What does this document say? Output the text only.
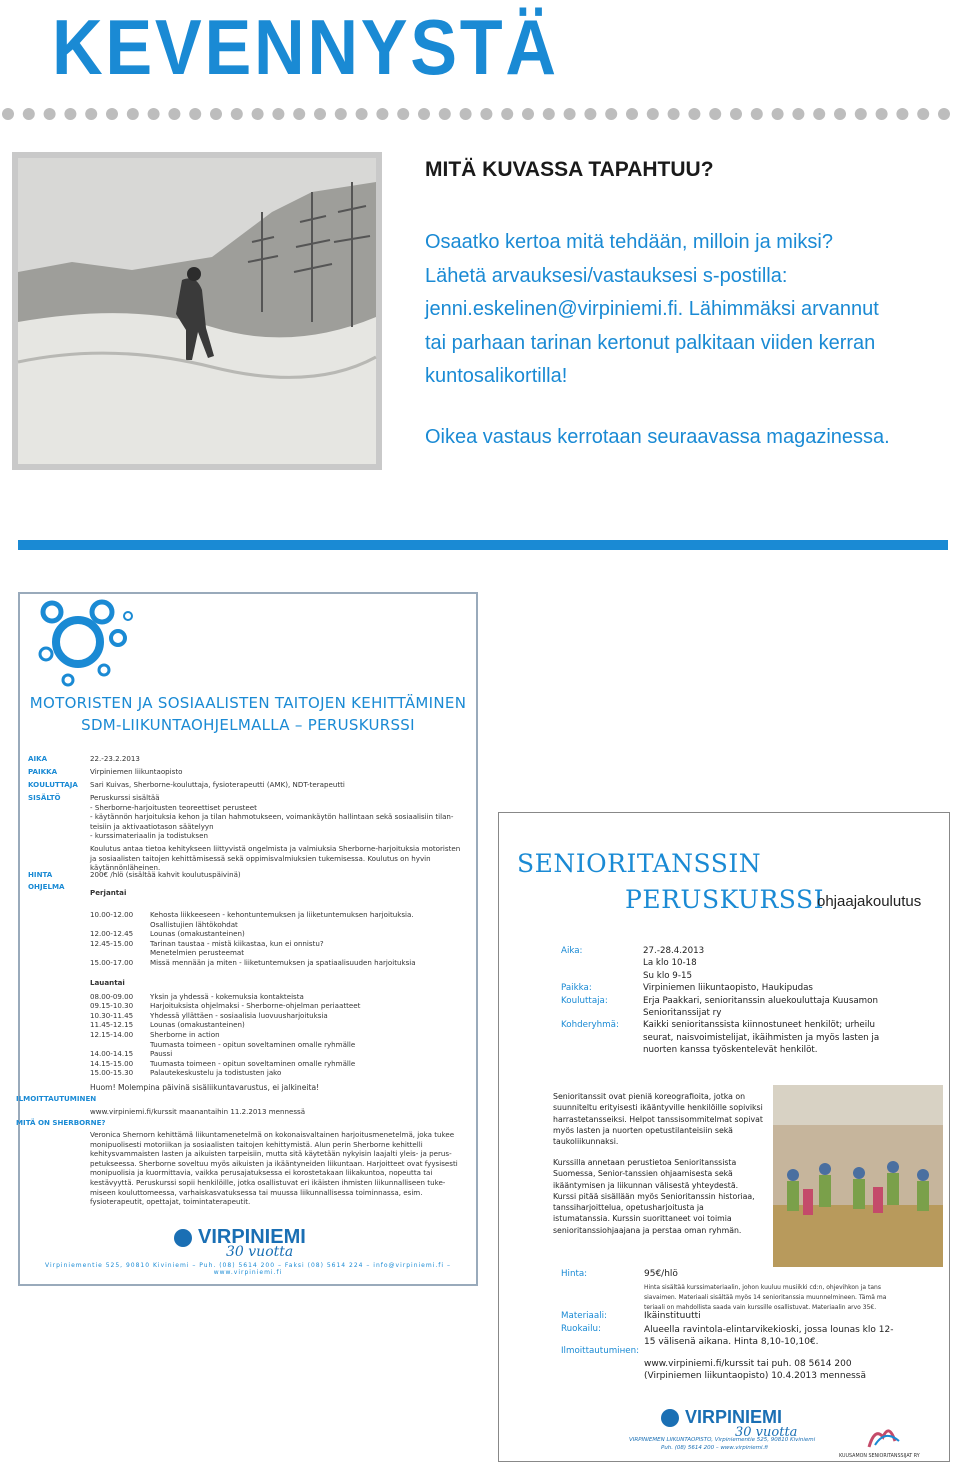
KEVENNYSTÄ
MITÄ KUVASSA TAPAHTUU?

Osaatko kertoa mitä tehdään, milloin ja miksi?

Lähetä arvauksesi/vastauksesi s-postilla:

jenni.eskelinen@virpiniemi.fi. Lähimmäksi arvannut

tai parhaan tarinan kertonut palkitaan viiden kerran

kuntosalikortilla!

Oikea vastaus kerrotaan seuraavassa magazinessa.
MOTORISTEN JA SOSIAALISTEN TAITOJEN KEHITTÄMINEN
SDM-LIIKUNTAOHJELMALLA – PERUSKURSSI
AIKA	22.-23.2.2013
PAIKKA	Virpiniemen liikuntaopisto
KOULUTTAJA Sari Kuivas, Sherborne-kouluttaja, fysioterapeutti (AMK), NDT-terapeutti
SISÄLTÖ	Peruskurssi sisältää
- Sherborne-harjoitusten teoreettiset perusteet
- käytännön harjoituksia kehon ja tilan hahmotukseen, voimankäytön hallintaan sekä sosiaalisiin tilan-
teisiin ja aktivaatiotason säätelyyn
- kurssimateriaalin ja todistuksen
Koulutus antaa tietoa kehitykseen liittyvistä ongelmista ja valmiuksia Sherborne-harjoituksia motoristen ja sosiaalisten taitojen kehittämisessä sekä oppimisvalmiuksien tukemisessa. Koulutus on hyvin käytännönläheinen.
HINTA	200€ /hlö (sisältää kahvit koulutuspäivinä)
OHJELMA
Perjantai
10.00-12.00 Kehosta liikkeeseen - kehontuntemuksen ja liiketuntemuksen harjoituksia.
Osallistujien lähtökohdat
12.00-12.45 Lounas (omakustanteinen)
12.45-15.00 Tarinan taustaa - mistä kiikastaa, kun ei onnistu?
Menetelmien perusteemat
15.00-17.00 Missä mennään ja miten - liiketuntemuksen ja spatiaalisuuden harjoituksia
Lauantai
08.00-09.00 Yksin ja yhdessä - kokemuksia kontakteista
09.15-10.30 Harjoituksista ohjelmaksi - Sherborne-ohjelman periaatteet
10.30-11.45 Yhdessä yllättäen - sosiaalisia luovuusharjoituksia
11.45-12.15 Lounas (omakustanteinen)
12.15-14.00 Sherborne in action
Tuumasta toimeen - opitun soveltaminen omalle ryhmälle
14.00-14.15 Paussi
14.15-15.00 Tuumasta toimeen - opitun soveltaminen omalle ryhmälle
15.00-15.30 Palautekeskustelu ja todistusten jako
Huom! Molempina päivinä sisäliikuntavarustus, ei jalkineita!
ILMOITTAUTUMINEN
www.virpiniemi.fi/kurssit maanantaihin 11.2.2013 mennessä
MITÄ ON SHERBORNE?
Veronica Shernorn kehittämä liikuntamenetelmä on kokonaisvaltainen harjoitusmenetelmä, joka tukee monipuolisesti motoriikan ja sosiaalisten taitojen kehittymistä. Alun perin Sherborne kehittelli kehitysvammaisten lasten ja aikuisten tarpeisiin, mutta sitä käytetään nykyisin laajalti yleis- ja perus-petukseessa. Sherborne soveltuu myös aikuisten ja ikääntyneiden liikuntaan. Harjoitteet ovat fyysisesti monipuolisia ja kuormittavia, vaikka perusajatuksessa ei korostetakaan liikakuntoa, nopeutta tai kestävyyttä. Peruskurssi sopii henkilöille, jotka osallistuvat eri ikäisten ihmisten liikunnalliseen tuke-miseen kouluttomeessa, varhaiskasvatuksessa tai muussa liikunnallisessa toiminnassa, esim. fysioterapeutit, opettajat, toimintaterapeutit.
VIRPINIEMI
30 vuotta
Virpiniementie 525, 90810 Kiviniemi – Puh. (08) 5614 200 – Faksi (08) 5614 224 – info@virpiniemi.fi – www.virpiniemi.fi
SENIORITANSSIN
PERUSKURSSI
ohjaajakoulutus
Aika:	27.-28.4.2013
La klo 10-18
Su klo 9-15
Paikka:	Virpiniemen liikuntaopisto, Haukipudas
Kouluttaja:	Erja Paakkari, senioritanssin aluekouluttaja Kuusamon
Senioritanssijat ry
Kohderyhmä:	Kaikki senioritanssista kiinnostuneet henkilöt; urheilu
seurat, naisvoimistelijat, ikäihmisten ja myös lasten ja
nuorten kanssa työskentelevät henkilöt.
Senioritanssit ovat pieniä koreografioita, jotka on suunniteltu erityisesti ikääntyville henkilöille sopiviksi harrastetansseiksi. Helpot tanssisommitelmat sopivat myös lasten ja nuorten opetustilanteisiin sekä taukoliikunnaksi.
Kurssilla annetaan perustietoa Senioritanssista Suomessa, Senior-tanssien ohjaamisesta sekä ikääntymisen ja liikunnan välisestä yhteydestä. Kurssi pitää sisällään myös Senioritanssin historiaa, tanssiharjoitteluа, opetusharjoitusta ja istumatanssia. Kurssin suorittaneet voi toimia senioritanssiohjaajana ja perstaa oman ryhmän.
Hinta:	95€/hlö
Hinta sisältää kurssimateriaalin, johon kuuluu musiikki cd:n, ohjevihkon ja tans siavaimen. Materiaali sisältää myös 14 senioritanssia muunnelmineen. Tämä ma teriaali on mahdollista saada vain kurssille osallistuvat. Materiaalin arvo 35€.
Materiaali:	Ikäinstituutti
Ruokailu:	Alueella ravintola-elintarvikekioski, jossa lounas klo 12-15 välisenä aikana. Hinta 8,10-10,10€.
Ilmoittautumінen:
www.virpiniemi.fi/kurssit tai puh. 08 5614 200 (Virpiniemen liikuntaopisto) 10.4.2013 mennessä
VIRPINIEMI
30 vuotta
VIRPINIEMEN LIIKUNTAOPISTO, Virpiniementie 525, 90810 Kiviniemi
Puh. (08) 5614 200 – www.virpiniemi.fi
KUUSAMON SENIORITANSSIJAT RY
